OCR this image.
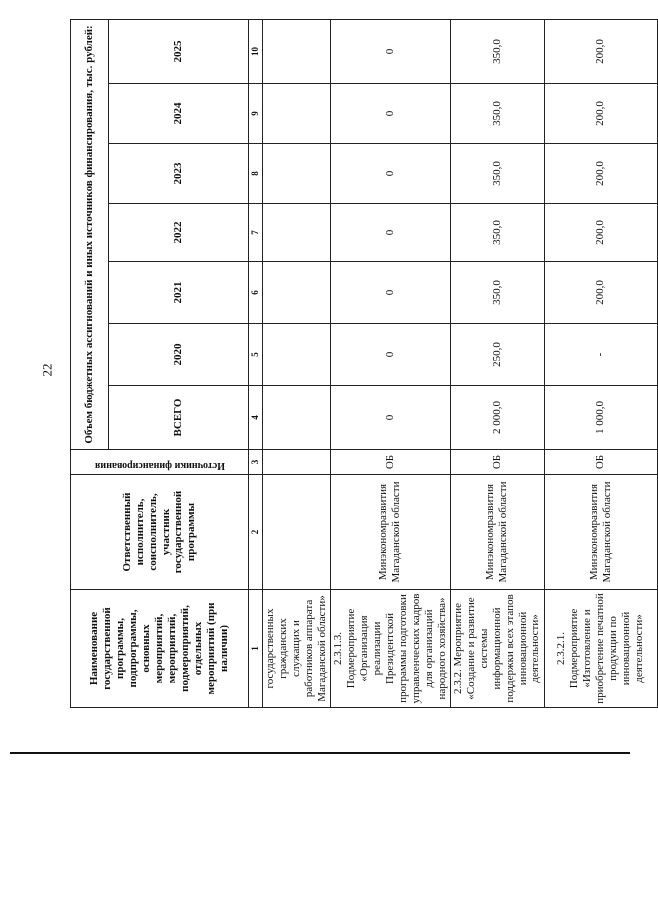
22
Наименование государственной программы, подпрограммы, основных мероприятий, мероприятий, подмероприятий, отдельных мероприятий (при наличии)	Ответственный исполнитель, соисполнитель, участник государственной программы	Источники финансирования	Объем бюджетных ассигнований и иных источников финансирования, тыс. рублей:						
			ВСЕГО	2020	2021	2022	2023	2024	2025
1	2	3	4	5	6	7	8	9	10
государственных гражданских служащих и работников аппарата Магаданской области»									
2.3.1.3. Подмероприятие «Организация реализации Президентской программы подготовки управленческих кадров для организаций народного хозяйства»	Минэкономразвития Магаданской области	ОБ	0	0	0	0	0	0	0
2.3.2. Мероприятие «Создание и развитие системы информационной поддержки всех этапов инновационной деятельности»	Минэкономразвития Магаданской области	ОБ	2 000,0	250,0	350,0	350,0	350,0	350,0	350,0
2.3.2.1. Подмероприятие «Изготовление и приобретение печатной продукции по инновационной деятельности»	Минэкономразвития Магаданской области	ОБ	1 000,0	-	200,0	200,0	200,0	200,0	200,0
